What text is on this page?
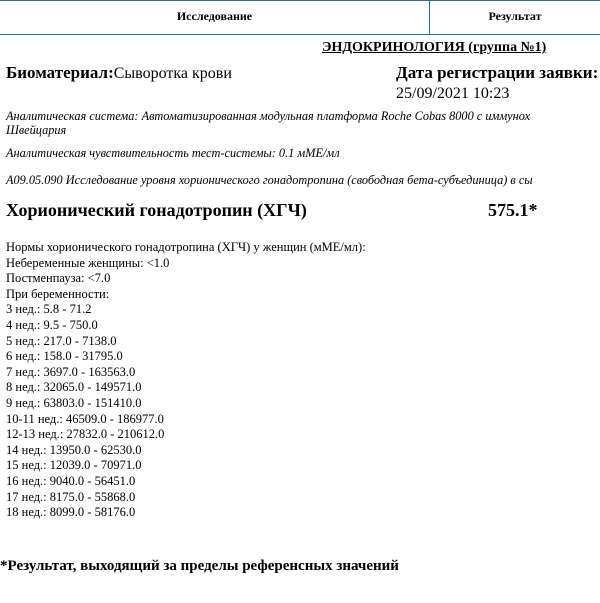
Исследование	Результат
ЭНДОКРИНОЛОГИЯ (группа №1)
Биоматериал:Сыворотка крови	Дата регистрации заявки:
25/09/2021 10:23
Аналитическая система: Автоматизированная модульная платформа Roche Cobas 8000 с иммунох
Швейцария
Аналитическая чувствительность тест-системы: 0.1 мМЕ/мл
A09.05.090 Исследование уровня хорионического гонадотропина (свободная бета-субъединица) в сы
Хорионический гонадотропин (ХГЧ)	575.1*
Нормы хорионического гонадотропина (ХГЧ) у женщин (мМЕ/мл):
Небеременные женщины: <1.0
Постменпауза: <7.0
При беременности:
3 нед.: 5.8 - 71.2
4 нед.: 9.5 - 750.0
5 нед.: 217.0 - 7138.0
6 нед.: 158.0 - 31795.0
7 нед.: 3697.0 - 163563.0
8 нед.: 32065.0 - 149571.0
9 нед.: 63803.0 - 151410.0
10-11 нед.: 46509.0 - 186977.0
12-13 нед.: 27832.0 - 210612.0
14 нед.: 13950.0 - 62530.0
15 нед.: 12039.0 - 70971.0
16 нед.: 9040.0 - 56451.0
17 нед.: 8175.0 - 55868.0
18 нед.: 8099.0 - 58176.0
*Результат, выходящий за пределы референсных значений
